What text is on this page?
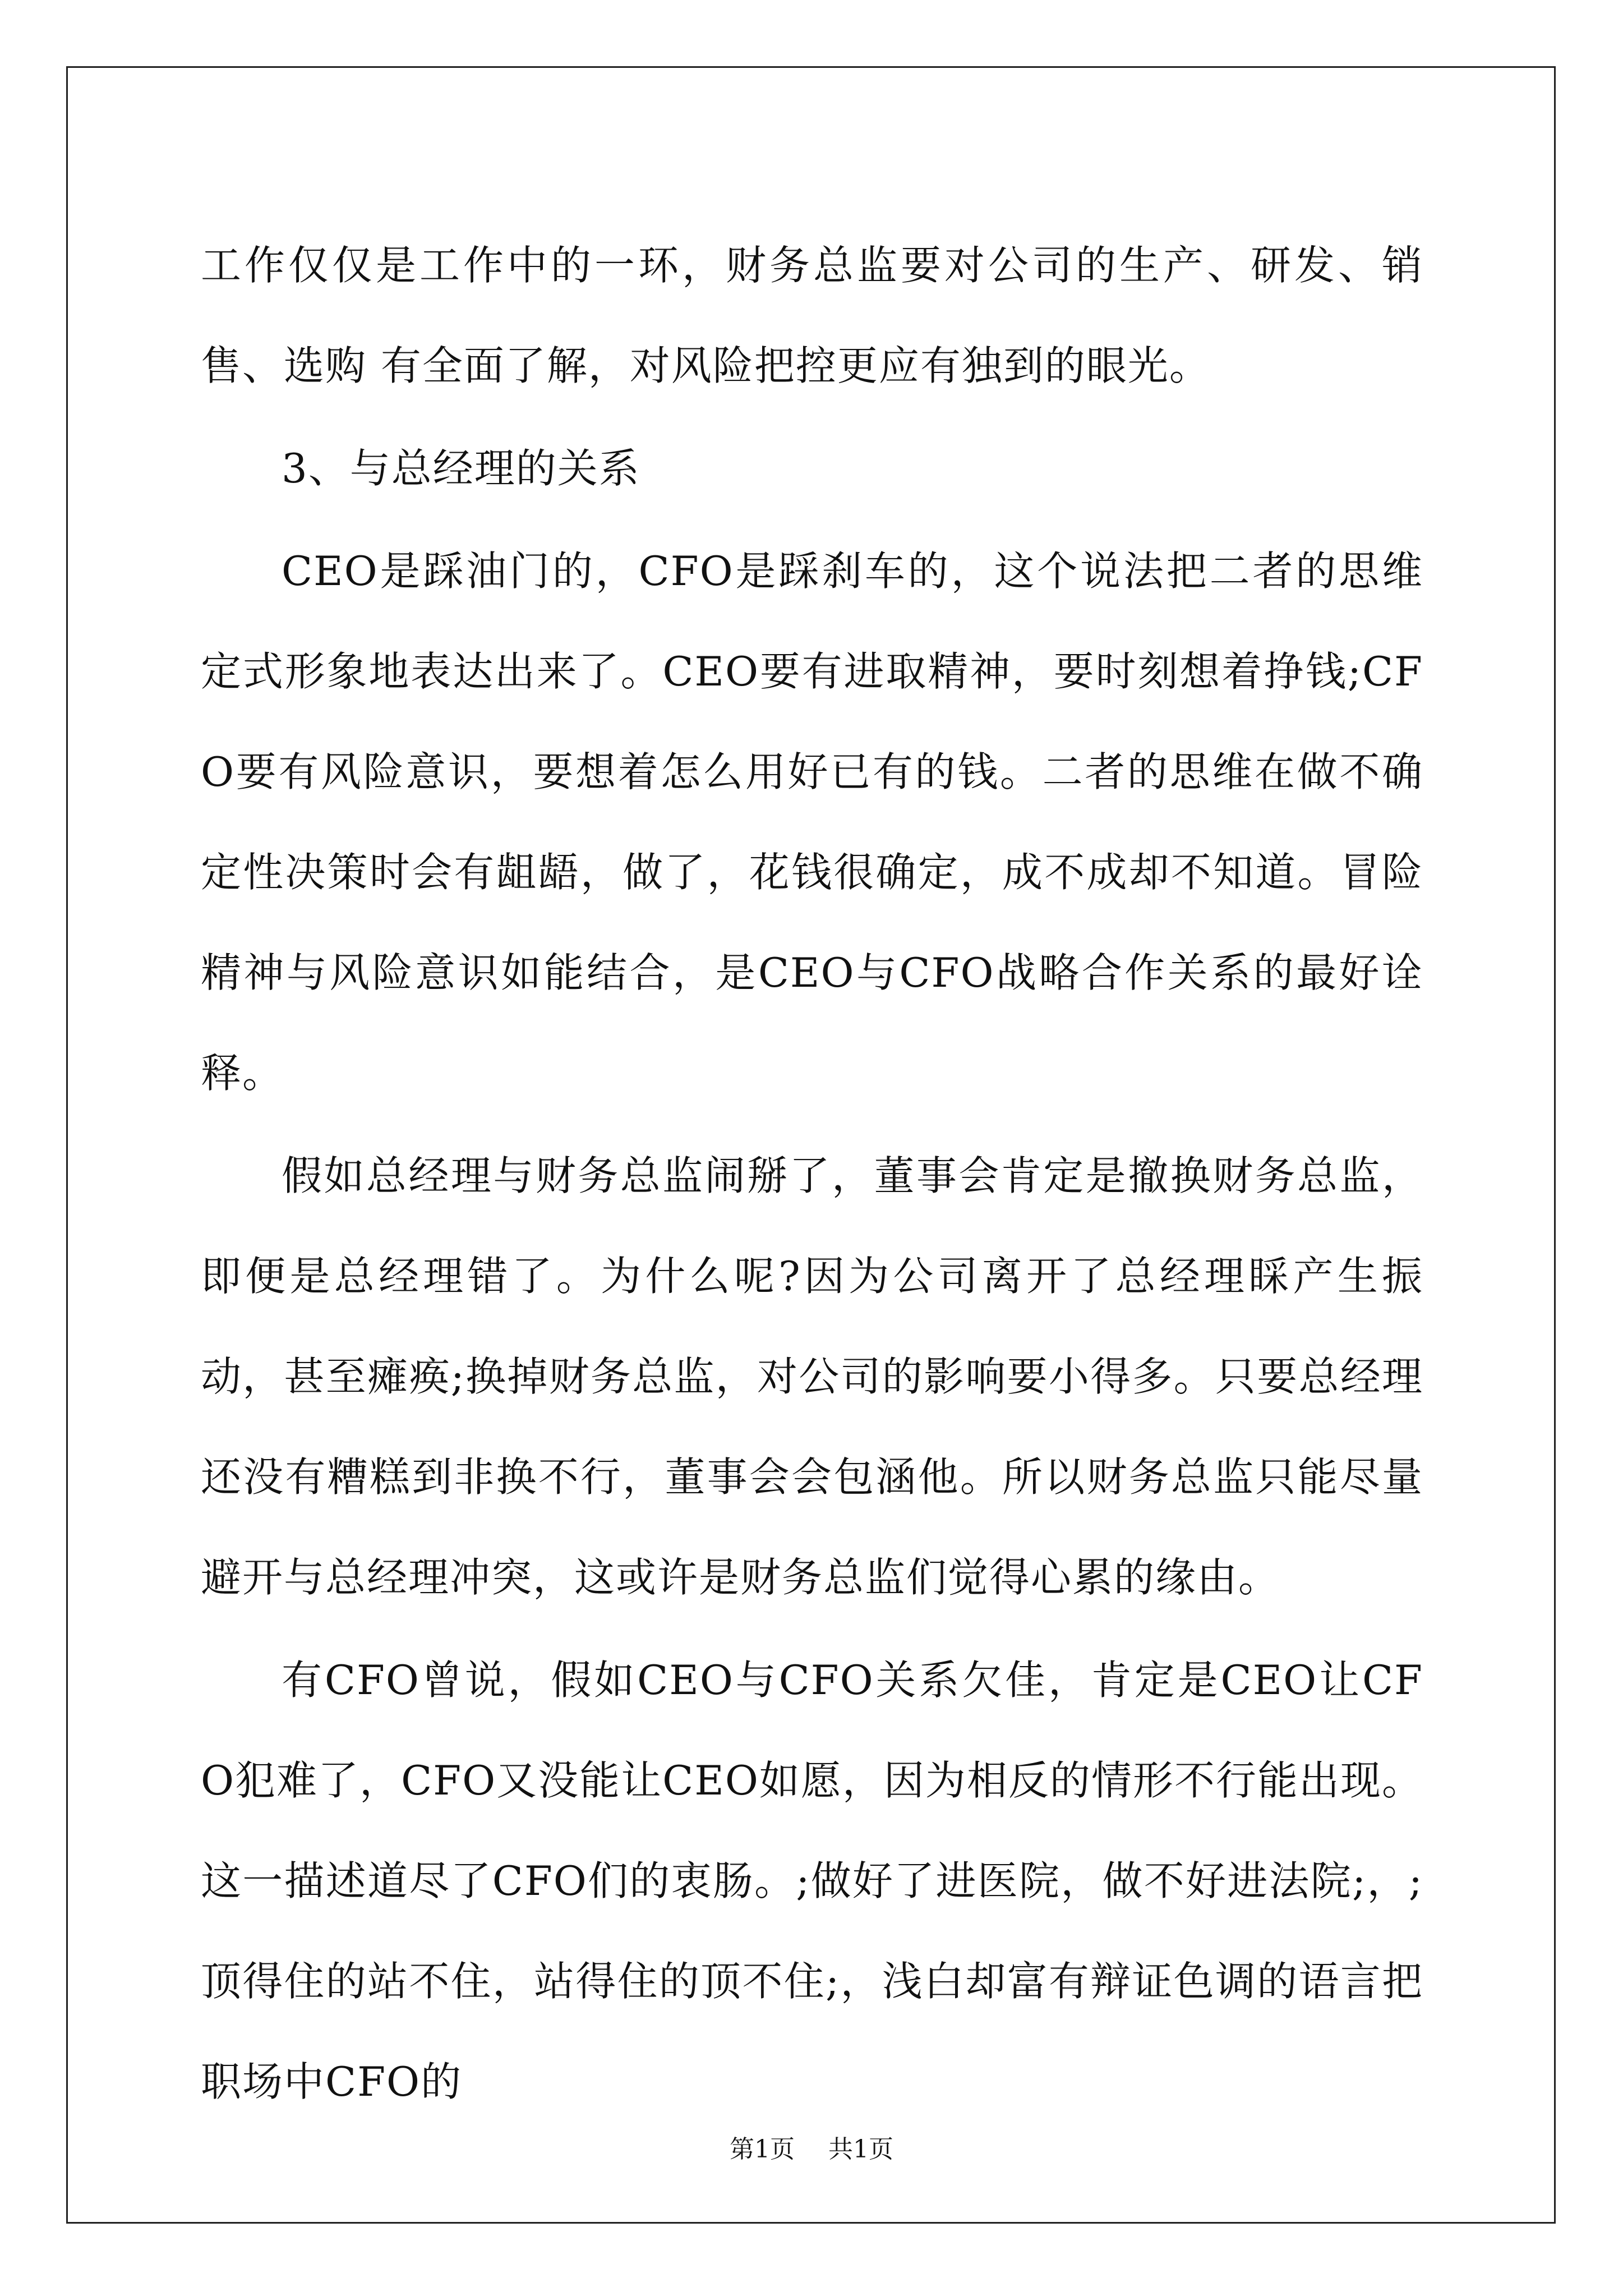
工作仅仅是工作中的一环，财务总监要对公司的生产、研发、销售、选购 有全面了解，对风险把控更应有独到的眼光。

3、与总经理的关系

CEO是踩油门的，CFO是踩刹车的，这个说法把二者的思维定式形象地表达出来了。CEO要有进取精神，要时刻想着挣钱;CFO要有风险意识，要想着怎么用好已有的钱。二者的思维在做不确定性决策时会有龃龉，做了，花钱很确定，成不成却不知道。冒险精神与风险意识如能结合，是CEO与CFO战略合作关系的最好诠释。

假如总经理与财务总监闹掰了，董事会肯定是撤换财务总监，即便是总经理错了。为什么呢?因为公司离开了总经理睬产生振动，甚至瘫痪;换掉财务总监，对公司的影响要小得多。只要总经理还没有糟糕到非换不行，董事会会包涵他。所以财务总监只能尽量避开与总经理冲突，这或许是财务总监们觉得心累的缘由。

有CFO曾说，假如CEO与CFO关系欠佳，肯定是CEO让CFO犯难了，CFO又没能让CEO如愿，因为相反的情形不行能出现。这一描述道尽了CFO们的衷肠。;做好了进医院，做不好进法院;，;顶得住的站不住，站得住的顶不住;，浅白却富有辩证色调的语言把职场中CFO的

第1页 共1页
